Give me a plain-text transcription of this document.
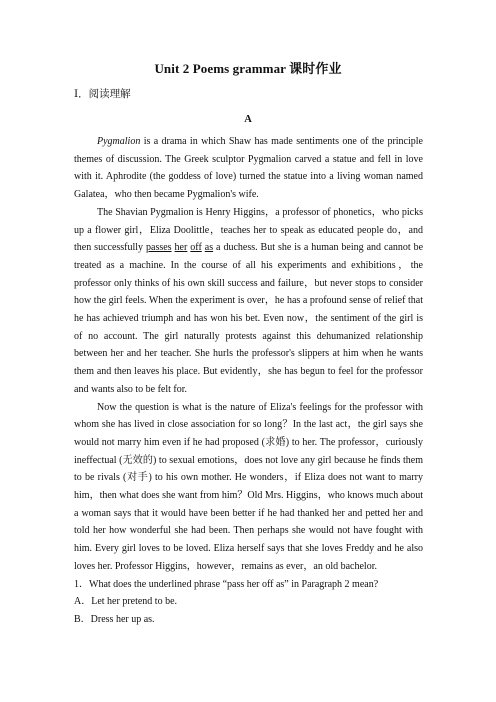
Unit 2 Poems grammar 课时作业
Ⅰ．阅读理解
A

Pygmalion is a drama in which Shaw has made sentiments one of the principle themes of discussion. The Greek sculptor Pygmalion carved a statue and fell in love with it. Aphrodite (the goddess of love) turned the statue into a living woman named Galatea，who then became Pygmalion's wife.

The Shavian Pygmalion is Henry Higgins，a professor of phonetics，who picks up a flower girl，Eliza Doolittle，teaches her to speak as educated people do，and then successfully passes her off as a duchess. But she is a human being and cannot be treated as a machine. In the course of all his experiments and exhibitions，the professor only thinks of his own skill success and failure，but never stops to consider how the girl feels. When the experiment is over，he has a profound sense of relief that he has achieved triumph and has won his bet. Even now，the sentiment of the girl is of no account. The girl naturally protests against this dehumanized relationship between her and her teacher. She hurls the professor's slippers at him when he wants them and then leaves his place. But evidently，she has begun to feel for the professor and wants also to be felt for.

Now the question is what is the nature of Eliza's feelings for the professor with whom she has lived in close association for so long？In the last act，the girl says she would not marry him even if he had proposed (求婚) to her. The professor，curiously ineffectual (无效的) to sexual emotions，does not love any girl because he finds them to be rivals (对手) to his own mother. He wonders，if Eliza does not want to marry him，then what does she want from him？Old Mrs. Higgins，who knows much about a woman says that it would have been better if he had thanked her and petted her and told her how wonderful she had been. Then perhaps she would not have fought with him. Every girl loves to be loved. Eliza herself says that she loves Freddy and he also loves her. Professor Higgins，however，remains as ever，an old bachelor.

1．What does the underlined phrase “pass her off as” in Paragraph 2 mean?
A．Let her pretend to be.
B．Dress her up as.
